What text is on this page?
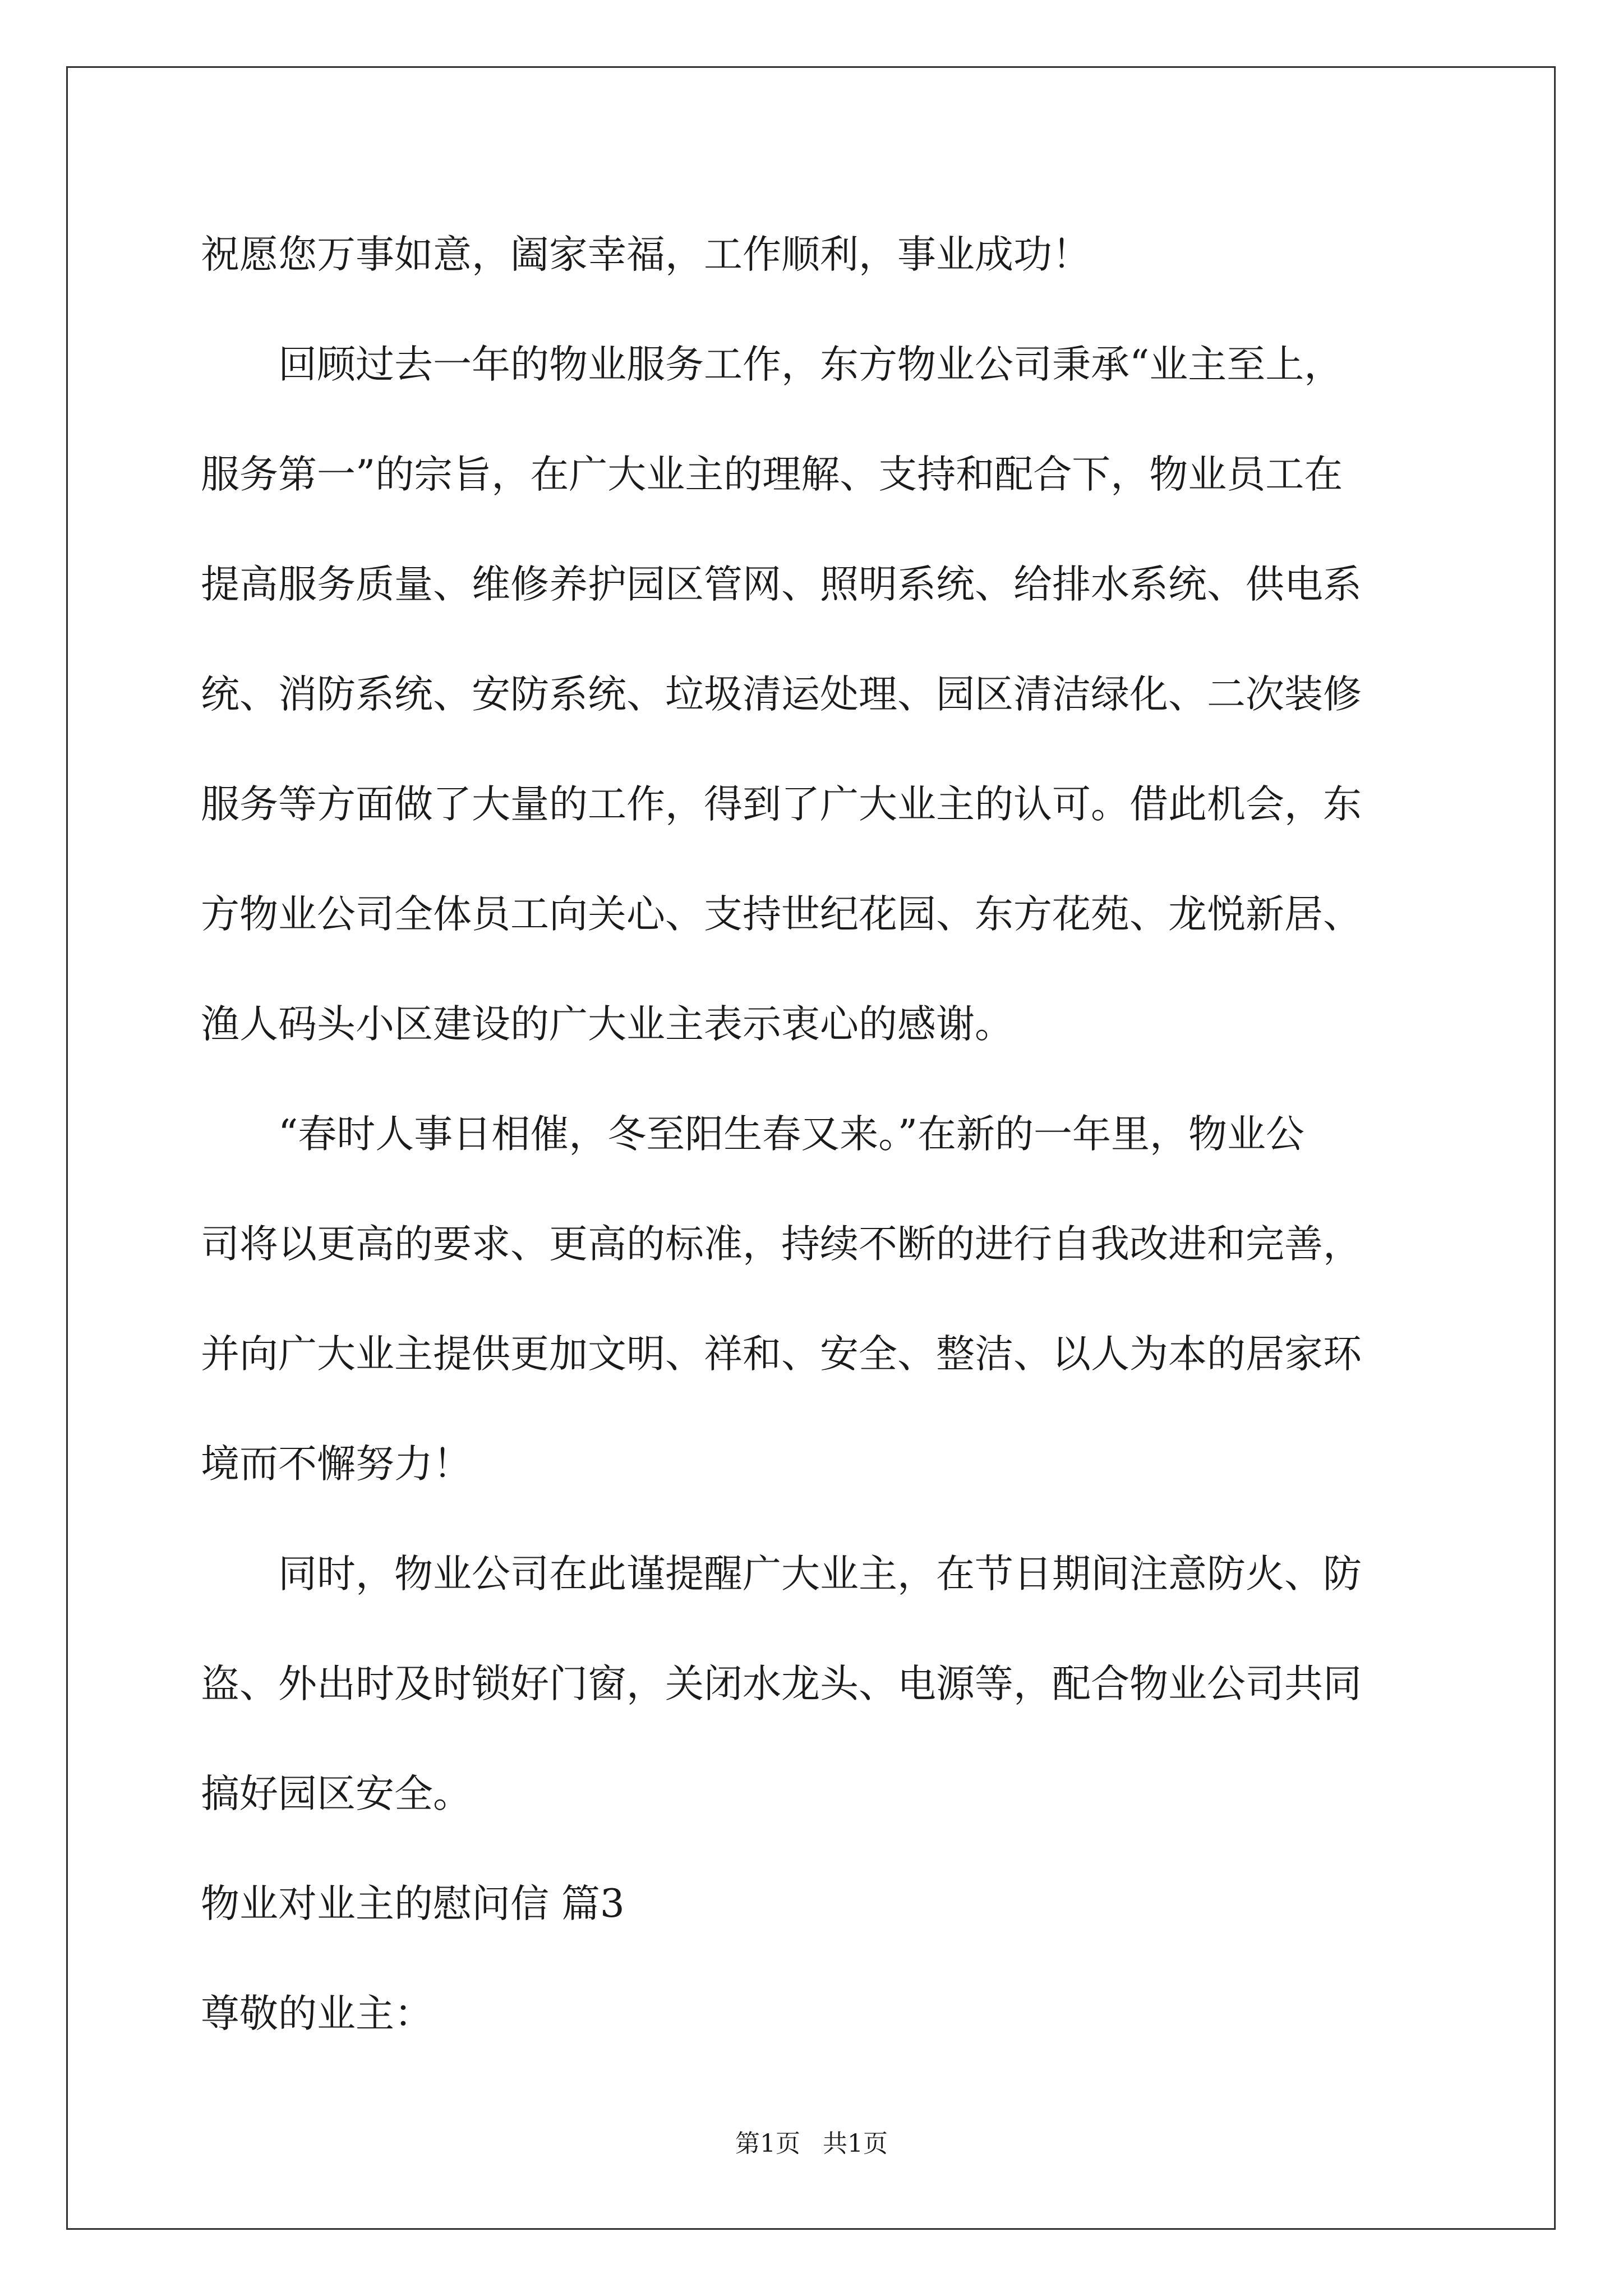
祝愿您万事如意，阖家幸福，工作顺利，事业成功！
回顾过去一年的物业服务工作，东方物业公司秉承“业主至上，
服务第一”的宗旨，在广大业主的理解、支持和配合下，物业员工在
提高服务质量、维修养护园区管网、照明系统、给排水系统、供电系
统、消防系统、安防系统、垃圾清运处理、园区清洁绿化、二次装修
服务等方面做了大量的工作，得到了广大业主的认可。借此机会，东
方物业公司全体员工向关心、支持世纪花园、东方花苑、龙悦新居、
渔人码头小区建设的广大业主表示衷心的感谢。
“春时人事日相催，冬至阳生春又来。”在新的一年里，物业公
司将以更高的要求、更高的标准，持续不断的进行自我改进和完善，
并向广大业主提供更加文明、祥和、安全、整洁、以人为本的居家环
境而不懈努力！
同时，物业公司在此谨提醒广大业主，在节日期间注意防火、防
盗、外出时及时锁好门窗，关闭水龙头、电源等，配合物业公司共同
搞好园区安全。
物业对业主的慰问信 篇3
尊敬的业主：
第1页 共1页
